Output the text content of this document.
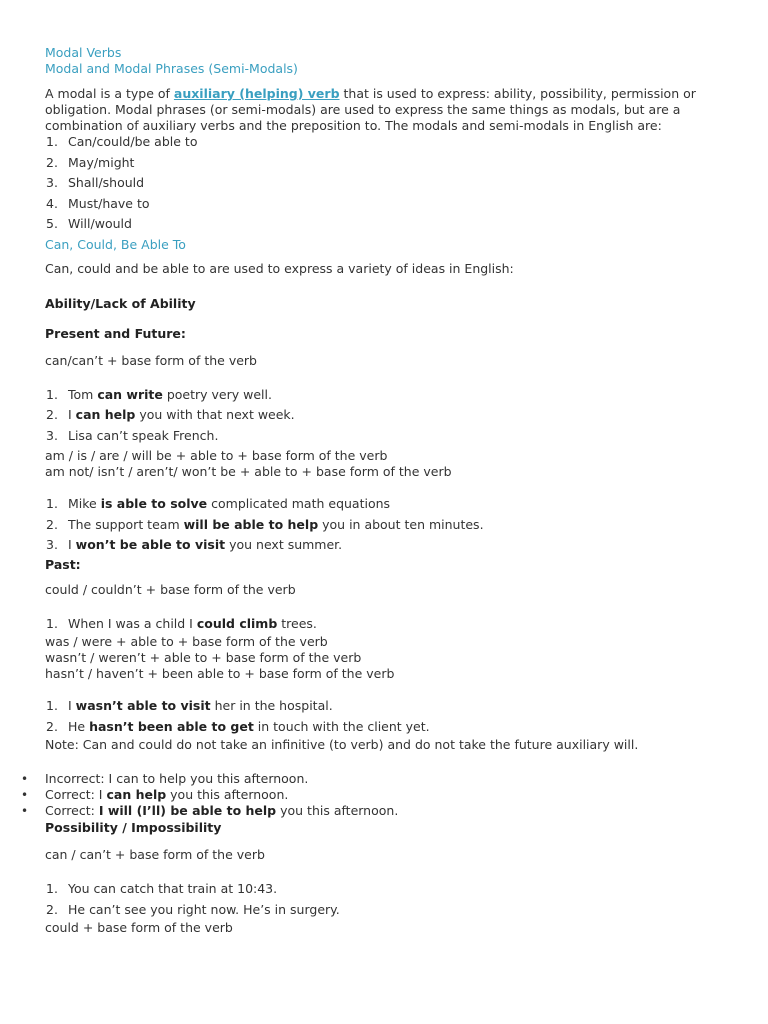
Modal Verbs
Modal and Modal Phrases (Semi-Modals)

A modal is a type of auxiliary (helping) verb that is used to express: ability, possibility, permission or obligation. Modal phrases (or semi-modals) are used to express the same things as modals, but are a combination of auxiliary verbs and the preposition to. The modals and semi-modals in English are:

1. Can/could/be able to
2. May/might
3. Shall/should
4. Must/have to
5. Will/would
Can, Could, Be Able To

Can, could and be able to are used to express a variety of ideas in English:

Ability/Lack of Ability

Present and Future:

can/can’t + base form of the verb

1. Tom can write poetry very well.
2. I can help you with that next week.
3. Lisa can’t speak French.

am / is / are / will be + able to + base form of the verb

am not/ isn’t / aren’t/ won’t be + able to + base form of the verb

1. Mike is able to solve complicated math equations
2. The support team will be able to help you in about ten minutes.
3. I won’t be able to visit you next summer.

Past:

could / couldn’t + base form of the verb

1. When I was a child I could climb trees.

was / were + able to + base form of the verb

wasn’t / weren’t + able to + base form of the verb

hasn’t / haven’t + been able to + base form of the verb

1. I wasn’t able to visit her in the hospital.
2. He hasn’t been able to get in touch with the client yet.

Note: Can and could do not take an infinitive (to verb) and do not take the future auxiliary will.

• Incorrect: I can to help you this afternoon.
• Correct: I can help you this afternoon.
• Correct: I will (I’ll) be able to help you this afternoon.

Possibility / Impossibility

can / can’t + base form of the verb

1. You can catch that train at 10:43.
2. He can’t see you right now. He’s in surgery.

could + base form of the verb
